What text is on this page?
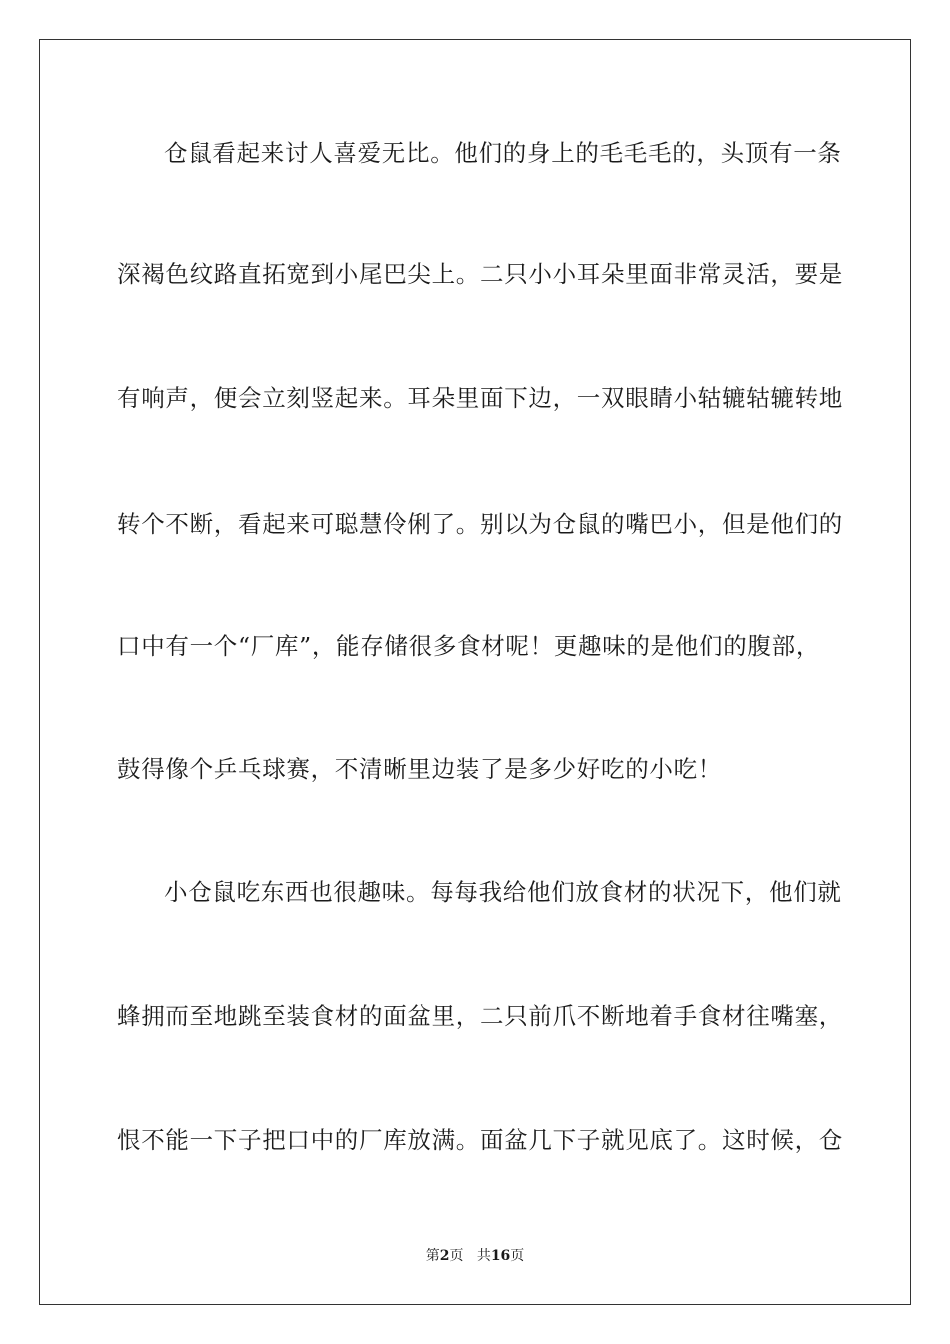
仓鼠看起来讨人喜爱无比。他们的身上的毛毛毛的，头顶有一条
深褐色纹路直拓宽到小尾巴尖上。二只小小耳朵里面非常灵活，要是
有响声，便会立刻竖起来。耳朵里面下边，一双眼睛小轱辘轱辘转地
转个不断，看起来可聪慧伶俐了。别以为仓鼠的嘴巴小，但是他们的
口中有一个“厂库”，能存储很多食材呢！更趣味的是他们的腹部，
鼓得像个乒乓球赛，不清晰里边装了是多少好吃的小吃！
小仓鼠吃东西也很趣味。每每我给他们放食材的状况下，他们就
蜂拥而至地跳至装食材的面盆里，二只前爪不断地着手食材往嘴塞，
恨不能一下子把口中的厂库放满。面盆几下子就见底了。这时候，仓
第2页 共16页
